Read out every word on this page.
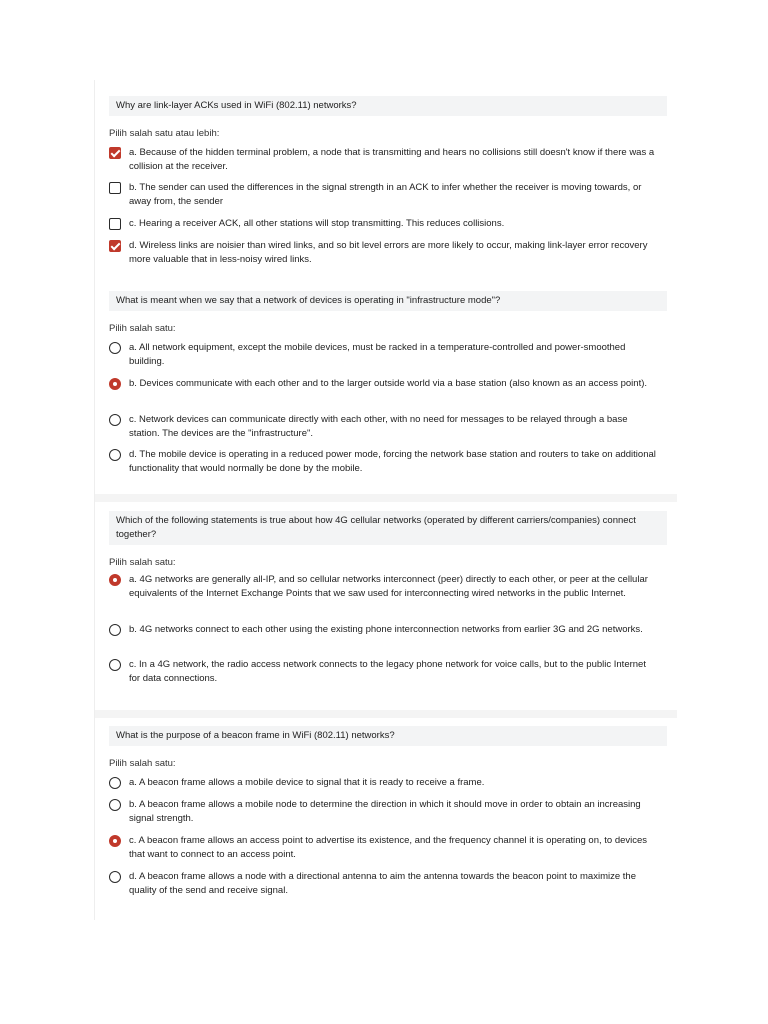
Why are link-layer ACKs used in WiFi (802.11) networks?
Pilih salah satu atau lebih:
a. Because of the hidden terminal problem, a node that is transmitting and hears no collisions still doesn't know if there was a collision at the receiver.
b. The sender can used the differences in the signal strength in an ACK to infer whether the receiver is moving towards, or away from, the sender
c. Hearing a receiver ACK, all other stations will stop transmitting. This reduces collisions.
d. Wireless links are noisier than wired links, and so bit level errors are more likely to occur, making link-layer error recovery more valuable that in less-noisy wired links.
What is meant when we say that a network of devices is operating in "infrastructure mode"?
Pilih salah satu:
a. All network equipment, except the mobile devices, must be racked in a temperature-controlled and power-smoothed building.
b. Devices communicate with each other and to the larger outside world via a base station (also known as an access point).
c. Network devices can communicate directly with each other, with no need for messages to be relayed through a base station. The devices are the "infrastructure".
d. The mobile device is operating in a reduced power mode, forcing the network base station and routers to take on additional functionality that would normally be done by the mobile.
Which of the following statements is true about how 4G cellular networks (operated by different carriers/companies) connect together?
Pilih salah satu:
a. 4G networks are generally all-IP, and so cellular networks interconnect (peer) directly to each other, or peer at the cellular equivalents of the Internet Exchange Points that we saw used for interconnecting wired networks in the public Internet.
b. 4G networks connect to each other using the existing phone interconnection networks from earlier 3G and 2G networks.
c. In a 4G network, the radio access network connects to the legacy phone network for voice calls, but to the public Internet for data connections.
What is the purpose of a beacon frame in WiFi (802.11) networks?
Pilih salah satu:
a. A beacon frame allows a mobile device to signal that it is ready to receive a frame.
b. A beacon frame allows a mobile node to determine the direction in which it should move in order to obtain an increasing signal strength.
c. A beacon frame allows an access point to advertise its existence, and the frequency channel it is operating on, to devices that want to connect to an access point.
d. A beacon frame allows a node with a directional antenna to aim the antenna towards the beacon point to maximize the quality of the send and receive signal.
